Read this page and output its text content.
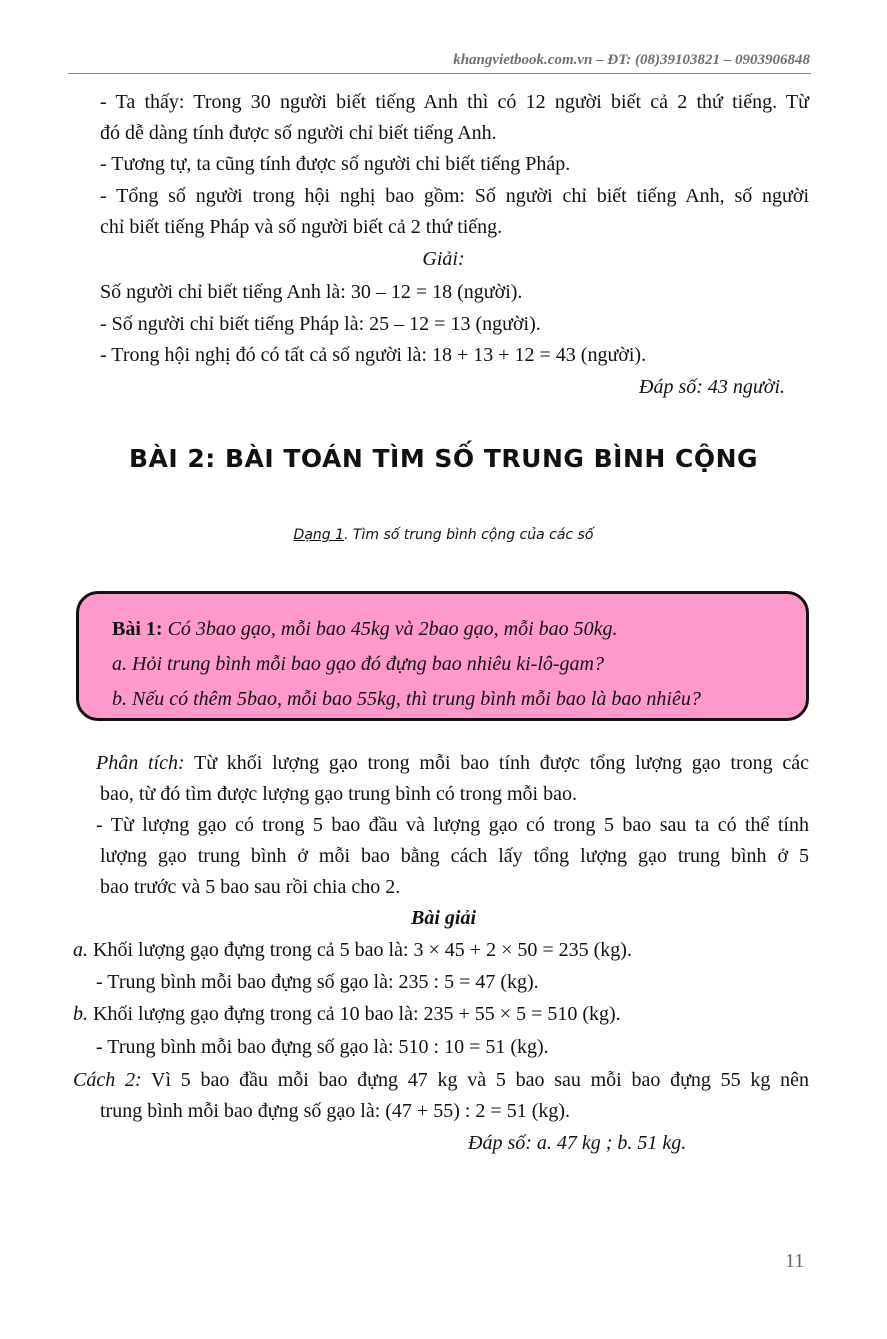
khangvietbook.com.vn – ĐT: (08)39103821 – 0903906848
- Ta thấy: Trong 30 người biết tiếng Anh thì có 12 người biết cả 2 thứ tiếng. Từ
đó dễ dàng tính được số người chỉ biết tiếng Anh.
- Tương tự, ta cũng tính được số người chỉ biết tiếng Pháp.
- Tổng số người trong hội nghị bao gồm: Số người chỉ biết tiếng Anh, số người
chỉ biết tiếng Pháp và số người biết cả 2 thứ tiếng.
Giải:
Số người chỉ biết tiếng Anh là: 30 – 12 = 18 (người).
- Số người chỉ biết tiếng Pháp là: 25 – 12 = 13 (người).
- Trong hội nghị đó có tất cả số người là: 18 + 13 + 12 = 43 (người).
Đáp số: 43 người.
BÀI 2: BÀI TOÁN TÌM SỐ TRUNG BÌNH CỘNG
Dạng 1. Tìm số trung bình cộng của các số
Bài 1: Có 3bao gạo, mỗi bao 45kg và 2bao gạo, mỗi bao 50kg.
a. Hỏi trung bình mỗi bao gạo đó đựng bao nhiêu ki-lô-gam?
b. Nếu có thêm 5bao, mỗi bao 55kg, thì trung bình mỗi bao là bao nhiêu?
Phân tích: Từ khối lượng gạo trong mỗi bao tính được tổng lượng gạo trong các
bao, từ đó tìm được lượng gạo trung bình có trong mỗi bao.
- Từ lượng gạo có trong 5 bao đầu và lượng gạo có trong 5 bao sau ta có thể tính
lượng gạo trung bình ở mỗi bao bằng cách lấy tổng lượng gạo trung bình ở 5
bao trước và 5 bao sau rồi chia cho 2.
Bài giải
a. Khối lượng gạo đựng trong cả 5 bao là: 3 × 45 + 2 × 50 = 235 (kg).
- Trung bình mỗi bao đựng số gạo là: 235 : 5 = 47 (kg).
b. Khối lượng gạo đựng trong cả 10 bao là: 235 + 55 × 5 = 510 (kg).
- Trung bình mỗi bao đựng số gạo là: 510 : 10 = 51 (kg).
Cách 2: Vì 5 bao đầu mỗi bao đựng 47 kg và 5 bao sau mỗi bao đựng 55 kg nên
trung bình mỗi bao đựng số gạo là: (47 + 55) : 2 = 51 (kg).
Đáp số: a. 47 kg ; b. 51 kg.
11
